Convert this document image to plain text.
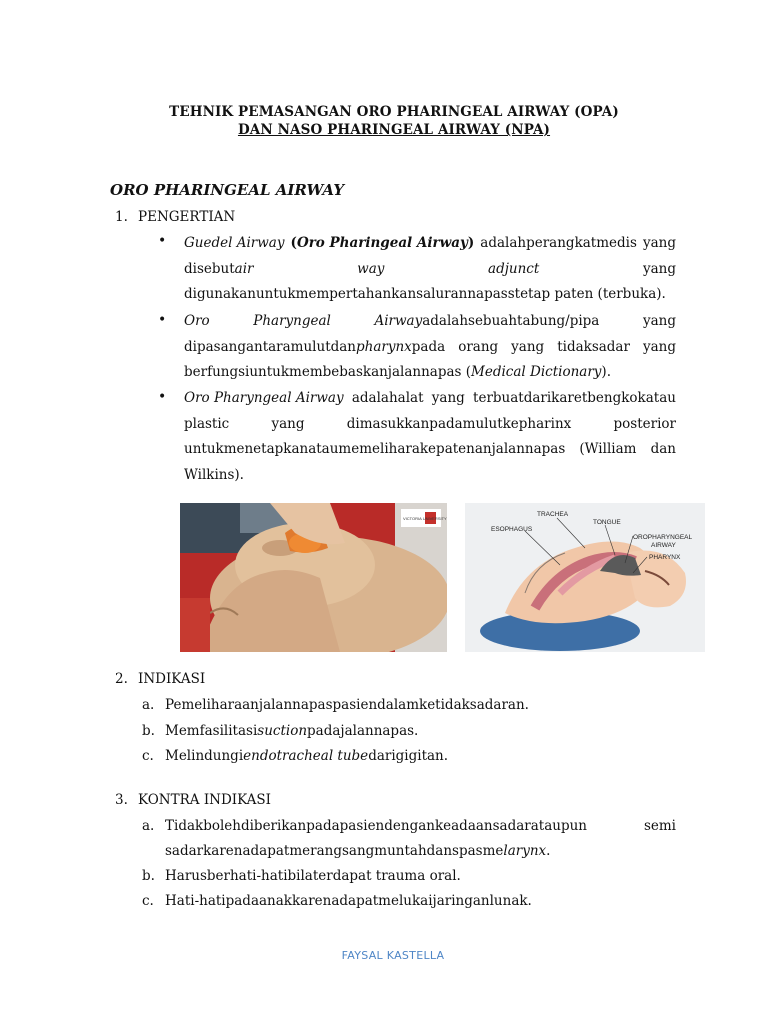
TEHNIK PEMASANGAN ORO PHARINGEAL AIRWAY (OPA)
DAN NASO PHARINGEAL AIRWAY (NPA)
ORO PHARINGEAL AIRWAY
1. PENGERTIAN
• Guedel Airway (Oro Pharingeal Airway) adalahperangkatmedis yang
disebutair	way	adjunct	yang
digunakanuntukmempertahankansalurannapasstetap paten (terbuka).
• Oro	Pharyngeal	Airwayadalahsebuahtabung/pipa	yang
dipasangantaramulutdanpharynxpada orang yang tidaksadar yang
berfungsiuntukmembebaskanjalannapas (Medical Dictionary).
• Oro Pharyngeal Airway adalahalat yang terbuatdarikaretbengkokatau
plastic	yang	dimasukkanpadamulutkepharinx	posterior
untukmenetapkanataumemeliharakepatenanjalannapas (William dan
Wilkins).
VICTORIA UNIVERSITY
TRACHEA
ESOPHAGUS
TONGUE
OROPHARYNGEAL
AIRWAY
PHARYNX
2. INDIKASI
a. Pemeliharaanjalannapaspasiendalamketidaksadaran.
b. Memfasilitasisuctionpadajalannapas.
c. Melindungiendotracheal tubedarigigitan.
3. KONTRA INDIKASI
a. Tidakbolehdiberikanpadapasiendengankeadaansadarataupun	semi
sadarkarenadapatmerangsangmuntahdanspasmelarynx.
b. Harusberhati-hatibilaterdapat trauma oral.
c. Hati-hatipadaanakkarenadapatmelukaijaringanlunak.
FAYSAL KASTELLA
